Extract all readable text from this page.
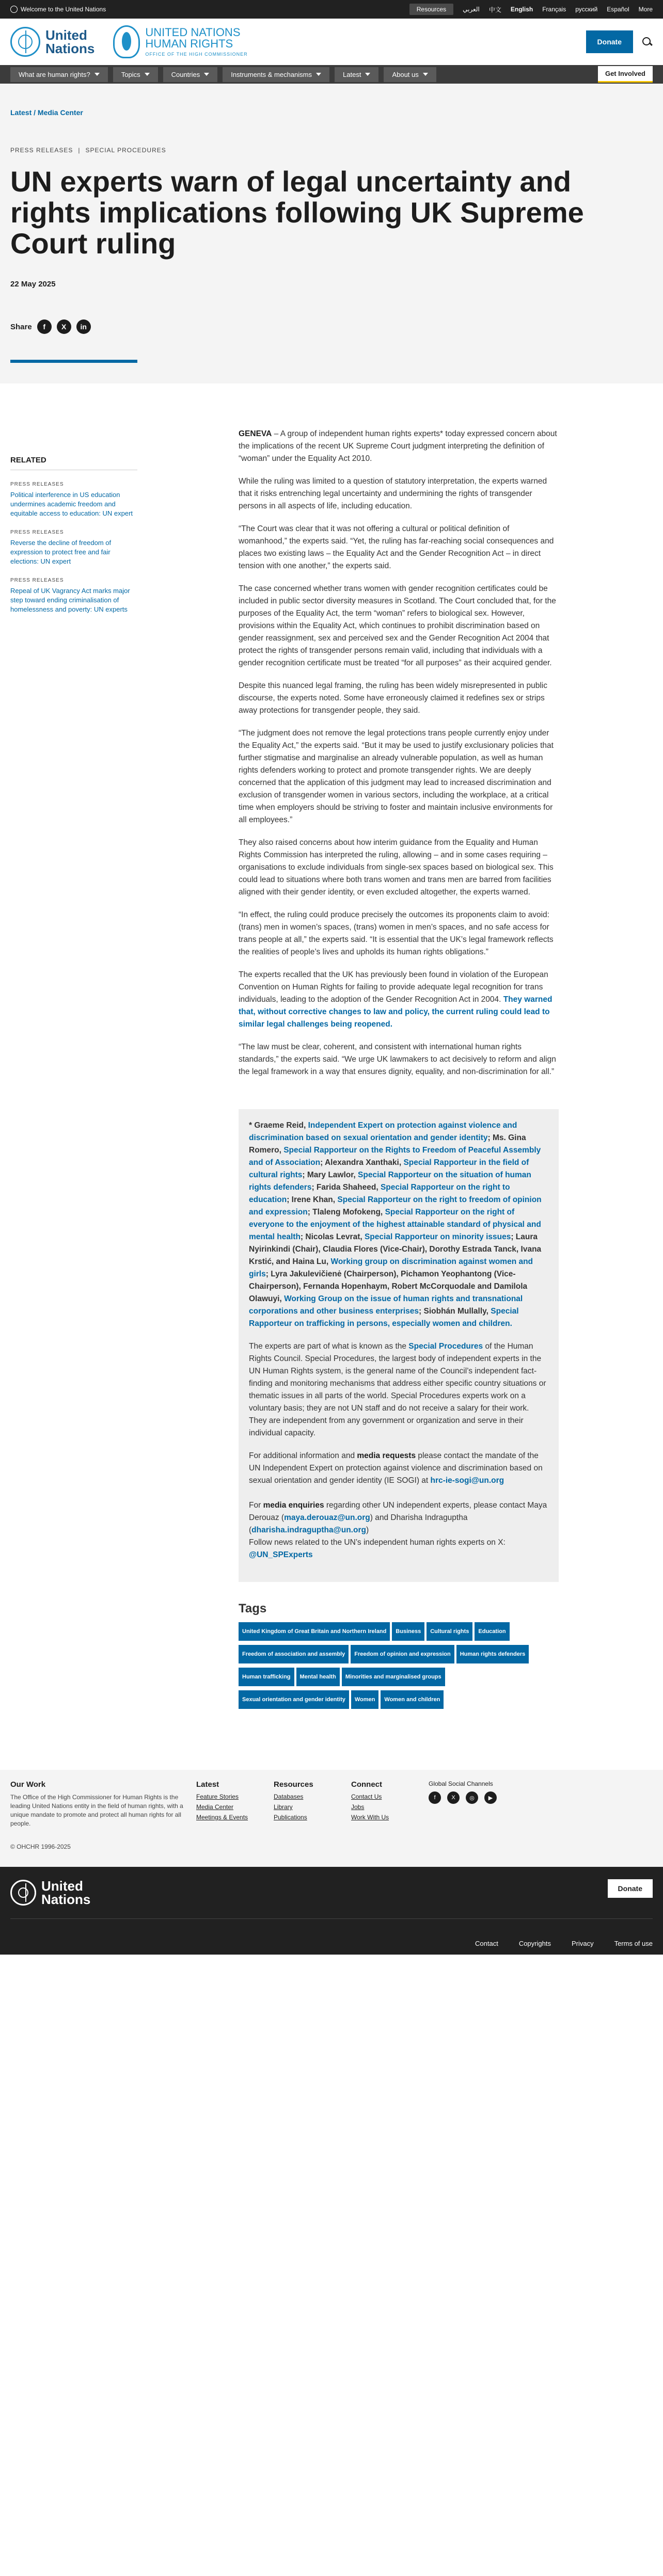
Welcome to the United Nations	Resources	العربي 中文 English Français русский Español More
United
Nations
UNITED NATIONS
HUMAN RIGHTS
OFFICE OF THE HIGH COMMISSIONER
Donate
What are human rights?	Topics	Countries	Instruments & mechanisms	Latest	About us	Get Involved
Latest / Media Center
PRESS RELEASES | SPECIAL PROCEDURES
UN experts warn of legal uncertainty and rights implications following UK Supreme Court ruling
22 May 2025
Share	f	X	in
RELATED
PRESS RELEASES
Political interference in US education undermines academic freedom and equitable access to education: UN expert
PRESS RELEASES
Reverse the decline of freedom of expression to protect free and fair elections: UN expert
PRESS RELEASES
Repeal of UK Vagrancy Act marks major step toward ending criminalisation of homelessness and poverty: UN experts

GENEVA – A group of independent human rights experts* today expressed concern about the implications of the recent UK Supreme Court judgment interpreting the definition of “woman” under the Equality Act 2010.

While the ruling was limited to a question of statutory interpretation, the experts warned that it risks entrenching legal uncertainty and undermining the rights of transgender persons in all aspects of life, including education.

“The Court was clear that it was not offering a cultural or political definition of womanhood,” the experts said. “Yet, the ruling has far-reaching social consequences and places two existing laws – the Equality Act and the Gender Recognition Act – in direct tension with one another,” the experts said.

The case concerned whether trans women with gender recognition certificates could be included in public sector diversity measures in Scotland. The Court concluded that, for the purposes of the Equality Act, the term “woman” refers to biological sex. However, provisions within the Equality Act, which continues to prohibit discrimination based on gender reassignment, sex and perceived sex and the Gender Recognition Act 2004 that protect the rights of transgender persons remain valid, including that individuals with a gender recognition certificate must be treated “for all purposes” as their acquired gender.

Despite this nuanced legal framing, the ruling has been widely misrepresented in public discourse, the experts noted. Some have erroneously claimed it redefines sex or strips away protections for transgender people, they said.

“The judgment does not remove the legal protections trans people currently enjoy under the Equality Act,” the experts said. “But it may be used to justify exclusionary policies that further stigmatise and marginalise an already vulnerable population, as well as human rights defenders working to protect and promote transgender rights. We are deeply concerned that the application of this judgment may lead to increased discrimination and exclusion of transgender women in various sectors, including the workplace, at a critical time when employers should be striving to foster and maintain inclusive environments for all employees.”

They also raised concerns about how interim guidance from the Equality and Human Rights Commission has interpreted the ruling, allowing – and in some cases requiring – organisations to exclude individuals from single-sex spaces based on biological sex. This could lead to situations where both trans women and trans men are barred from facilities aligned with their gender identity, or even excluded altogether, the experts warned.

“In effect, the ruling could produce precisely the outcomes its proponents claim to avoid: (trans) men in women’s spaces, (trans) women in men’s spaces, and no safe access for trans people at all,” the experts said. “It is essential that the UK’s legal framework reflects the realities of people’s lives and upholds its human rights obligations.”

The experts recalled that the UK has previously been found in violation of the European Convention on Human Rights for failing to provide adequate legal recognition for trans individuals, leading to the adoption of the Gender Recognition Act in 2004. They warned that, without corrective changes to law and policy, the current ruling could lead to similar legal challenges being reopened.

“The law must be clear, coherent, and consistent with international human rights standards,” the experts said. “We urge UK lawmakers to act decisively to reform and align the legal framework in a way that ensures dignity, equality, and non-discrimination for all.”

* Graeme Reid, Independent Expert on protection against violence and discrimination based on sexual orientation and gender identity; Ms. Gina Romero, Special Rapporteur on the Rights to Freedom of Peaceful Assembly and of Association; Alexandra Xanthaki, Special Rapporteur in the field of cultural rights; Mary Lawlor, Special Rapporteur on the situation of human rights defenders; Farida Shaheed, Special Rapporteur on the right to education; Irene Khan, Special Rapporteur on the right to freedom of opinion and expression; Tlaleng Mofokeng, Special Rapporteur on the right of everyone to the enjoyment of the highest attainable standard of physical and mental health; Nicolas Levrat, Special Rapporteur on minority issues; Laura Nyirinkindi (Chair), Claudia Flores (Vice-Chair), Dorothy Estrada Tanck, Ivana Krstić, and Haina Lu, Working group on discrimination against women and girls; Lyra Jakulevičienė (Chairperson), Pichamon Yeophantong (Vice-Chairperson), Fernanda Hopenhaym, Robert McCorquodale and Damilola Olawuyi, Working Group on the issue of human rights and transnational corporations and other business enterprises; Siobhán Mullally, Special Rapporteur on trafficking in persons, especially women and children.

The experts are part of what is known as the Special Procedures of the Human Rights Council. Special Procedures, the largest body of independent experts in the UN Human Rights system, is the general name of the Council’s independent fact-finding and monitoring mechanisms that address either specific country situations or thematic issues in all parts of the world. Special Procedures experts work on a voluntary basis; they are not UN staff and do not receive a salary for their work. They are independent from any government or organization and serve in their individual capacity.

For additional information and media requests please contact the mandate of the UN Independent Expert on protection against violence and discrimination based on sexual orientation and gender identity (IE SOGI) at hrc-ie-sogi@un.org

For media enquiries regarding other UN independent experts, please contact Maya Derouaz (maya.derouaz@un.org) and Dharisha Indraguptha (dharisha.indraguptha@un.org)
Follow news related to the UN’s independent human rights experts on X: @UN_SPExperts

Tags
United Kingdom of Great Britain and Northern Ireland Business Cultural rights EducationFreedom of association and assembly Freedom of opinion and expression Human rights defendersHuman trafficking Mental health Minorities and marginalised groupsSexual orientation and gender identity Women Women and children
Our Work
The Office of the High Commissioner for Human Rights is the leading United Nations entity in the field of human rights, with a unique mandate to promote and protect all human rights for all people.
© OHCHR 1996-2025
Latest
Feature Stories
Media Center
Meetings & Events
Resources
Databases
Library
Publications
Connect
Contact Us
Jobs
Work With Us
Global Social Channels
f	X	◎	▶
United
Nations
Donate
Contact	Copyrights	Privacy	Terms of use
